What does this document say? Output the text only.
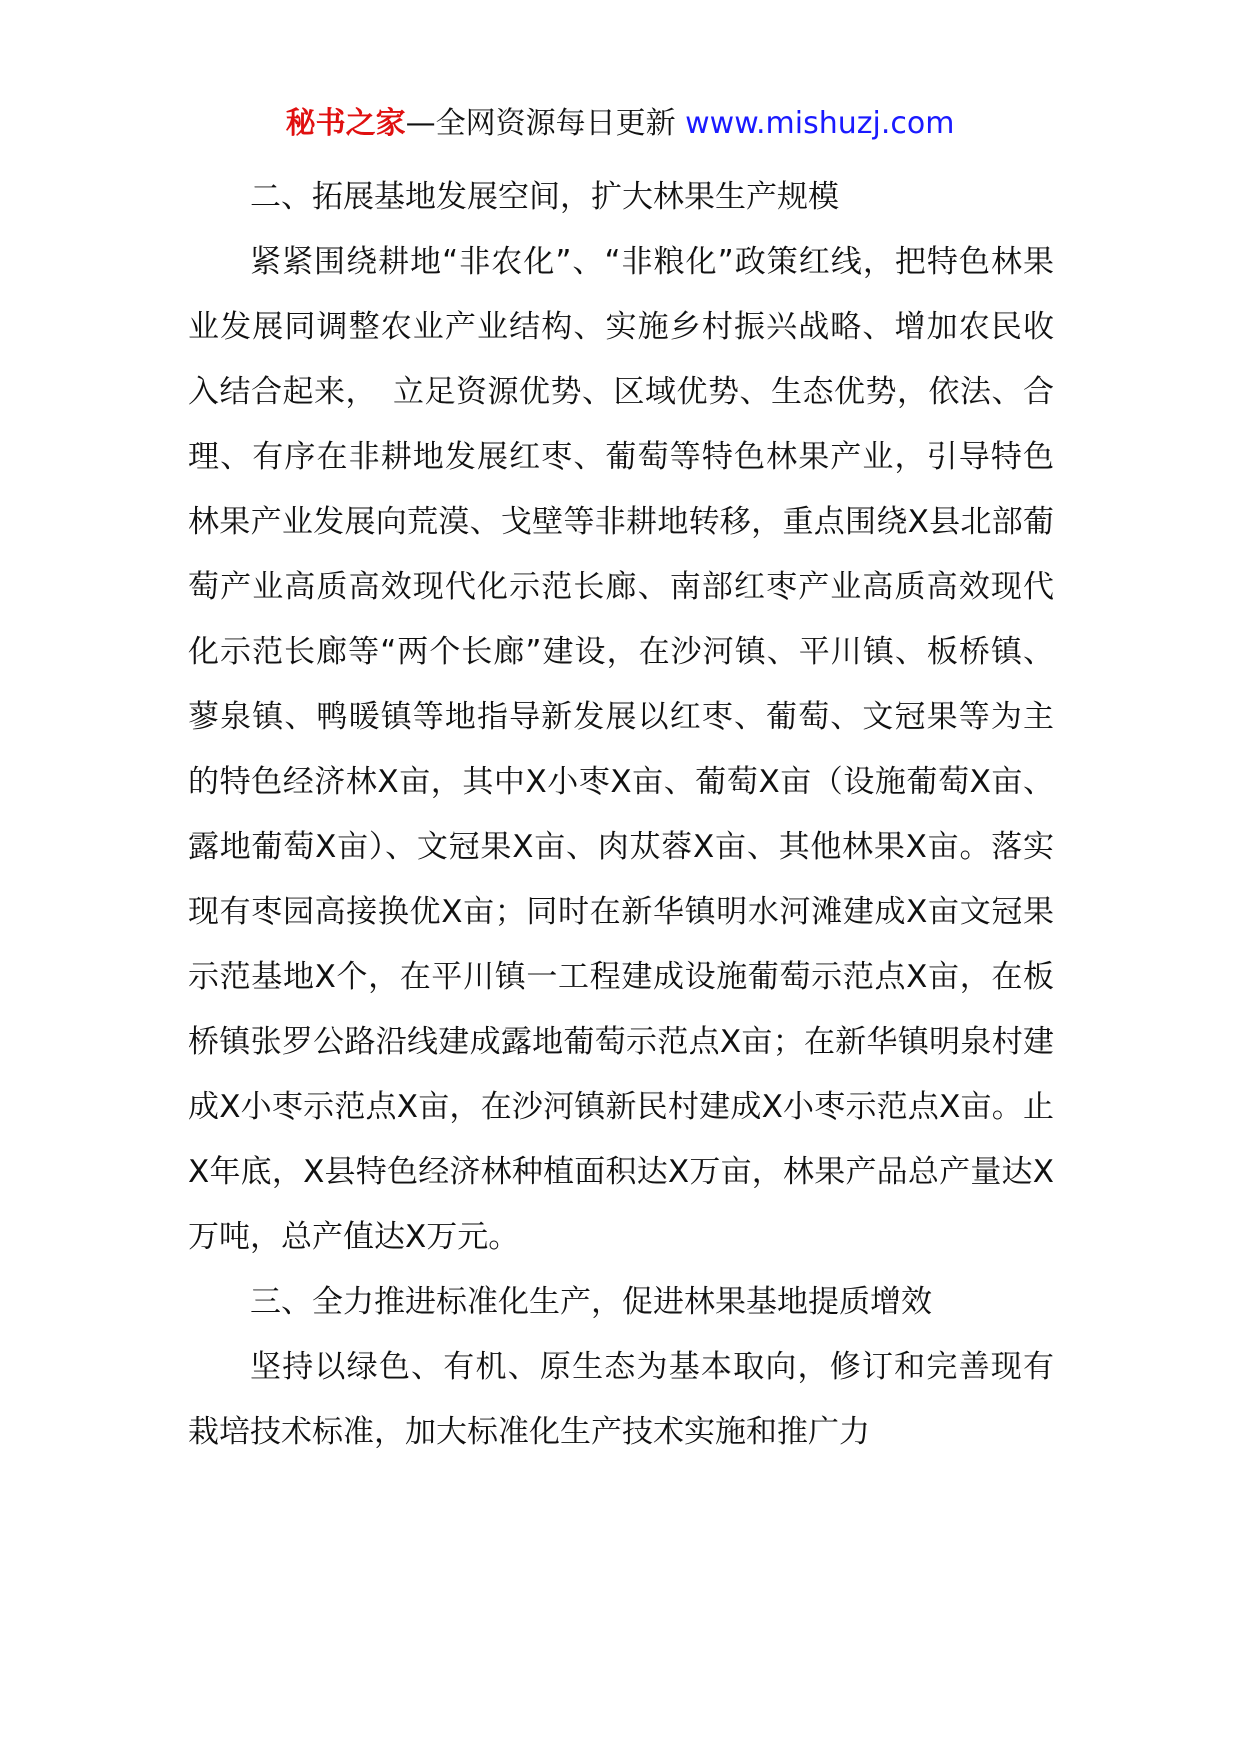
秘书之家—全网资源每日更新 www.mishuzj.com

二、拓展基地发展空间，扩大林果生产规模

紧紧围绕耕地“非农化”、“非粮化”政策红线，把特色林果业发展同调整农业产业结构、实施乡村振兴战略、增加农民收入结合起来，　立足资源优势、区域优势、生态优势，依法、合理、有序在非耕地发展红枣、葡萄等特色林果产业，引导特色林果产业发展向荒漠、戈壁等非耕地转移，重点围绕X县北部葡萄产业高质高效现代化示范长廊、南部红枣产业高质高效现代化示范长廊等“两个长廊”建设，在沙河镇、平川镇、板桥镇、蓼泉镇、鸭暖镇等地指导新发展以红枣、葡萄、文冠果等为主的特色经济林X亩，其中X小枣X亩、葡萄X亩（设施葡萄X亩、露地葡萄X亩）、文冠果X亩、肉苁蓉X亩、其他林果X亩。落实现有枣园高接换优X亩；同时在新华镇明水河滩建成X亩文冠果示范基地X个，在平川镇一工程建成设施葡萄示范点X亩，在板桥镇张罗公路沿线建成露地葡萄示范点X亩；在新华镇明泉村建成X小枣示范点X亩，在沙河镇新民村建成X小枣示范点X亩。止X年底，X县特色经济林种植面积达X万亩，林果产品总产量达X万吨，总产值达X万元。

三、全力推进标准化生产，促进林果基地提质增效

坚持以绿色、有机、原生态为基本取向，修订和完善现有栽培技术标准，加大标准化生产技术实施和推广力
